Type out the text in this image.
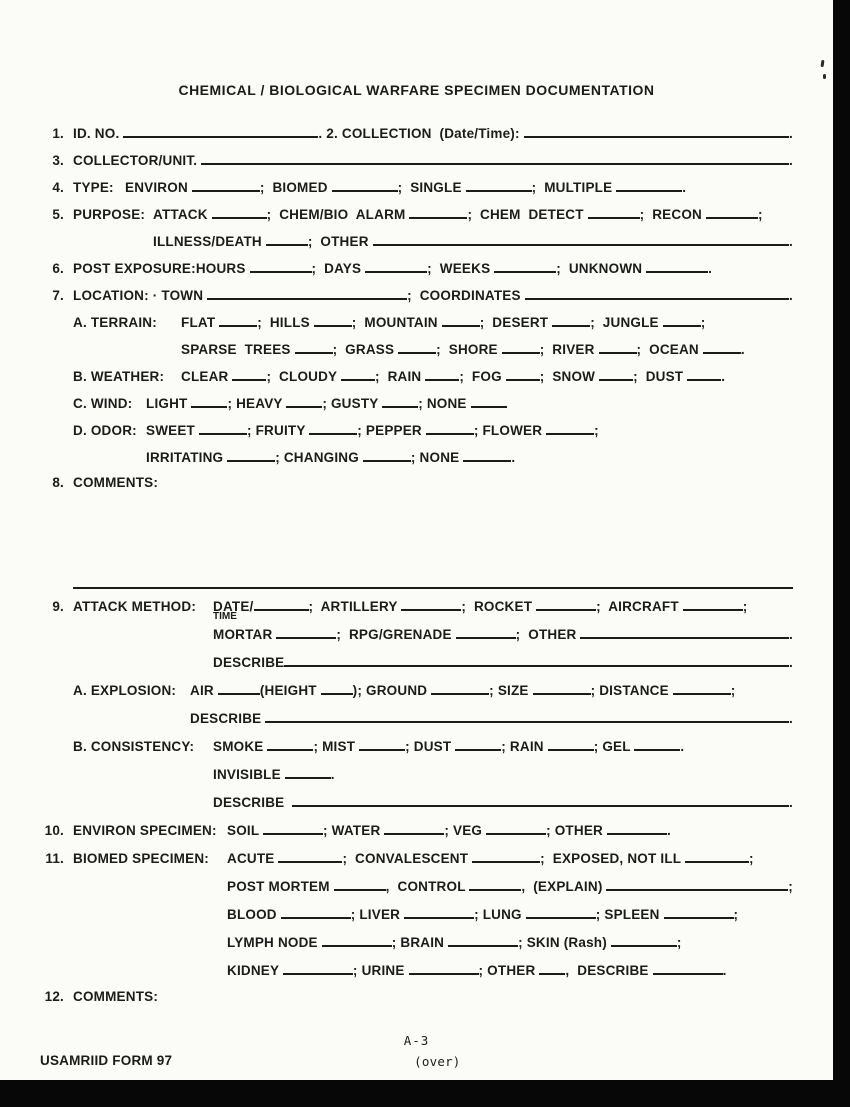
CHEMICAL / BIOLOGICAL WARFARE SPECIMEN DOCUMENTATION
1. ID. NO.	. 2. COLLECTION  (Date/Time):	.
3. COLLECTOR/UNIT.	.
4. TYPE: ENVIRON	;  BIOMED	;  SINGLE	;  MULTIPLE	.
5. PURPOSE: ATTACK	;  CHEM/BIO  ALARM	;  CHEM  DETECT	;  RECON	;
ILLNESS/DEATH	;  OTHER	.
6. POST EXPOSURE: HOURS	;  DAYS	;  WEEKS	;  UNKNOWN	.
7. LOCATION: · TOWN	;  COORDINATES	.
A. TERRAIN:	FLAT	;  HILLS	;  MOUNTAIN	;  DESERT	;  JUNGLE	;
SPARSE  TREES	;  GRASS	;  SHORE	;  RIVER	;  OCEAN	.
B. WEATHER:	CLEAR	;  CLOUDY	;  RAIN	;  FOG	;  SNOW	;  DUST	.
C. WIND:	LIGHT	; HEAVY	; GUSTY	; NONE
D. ODOR: SWEET	; FRUITY	; PEPPER	; FLOWER	;
IRRITATING	; CHANGING	; NONE	.
8. COMMENTS:
9. ATTACK METHOD:	DATE/
TIME
;  ARTILLERY	;  ROCKET	;  AIRCRAFT	;
MORTAR	;  RPG/GRENADE	;  OTHER	.
DESCRIBE	.
A. EXPLOSION:	AIR	(HEIGHT ); GROUND	; SIZE	; DISTANCE	;
DESCRIBE	.
B. CONSISTENCY:	SMOKE	; MIST	; DUST	; RAIN	; GEL	.
INVISIBLE	.
DESCRIBE	.
10. ENVIRON SPECIMEN: SOIL	; WATER	; VEG	; OTHER	.
11. BIOMED SPECIMEN:	ACUTE	;  CONVALESCENT	;  EXPOSED, NOT ILL	;
POST MORTEM	,  CONTROL	,  (EXPLAIN)	;
BLOOD	; LIVER	; LUNG	; SPLEEN	;
LYMPH NODE	; BRAIN	; SKIN (Rash)	;
KIDNEY	; URINE	; OTHER ,  DESCRIBE	.
12. COMMENTS:
A-3
USAMRIID FORM 97	(over)
